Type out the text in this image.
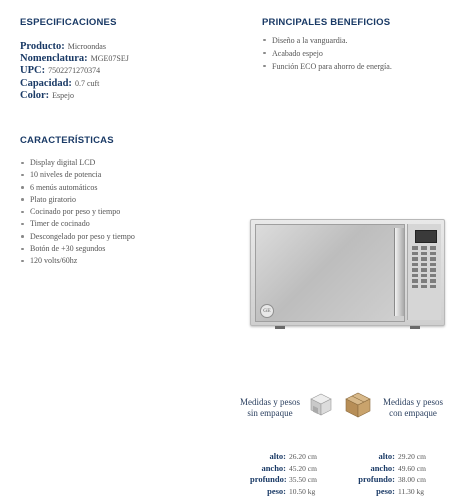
ESPECIFICACIONES
Producto: Microondas
Nomenclatura: MGE07SEJ
UPC: 7502271270374
Capacidad: 0.7 cuft
Color: Espejo
PRINCIPALES BENEFICIOS
Diseño a la vanguardia.
Acabado espejo
Función ECO para ahorro de energía.
CARACTERÍSTICAS
Display digital LCD
10 niveles de potencia
6 menús automáticos
Plato giratorio
Cocinado por peso y tiempo
Timer de cocinado
Descongelado por peso y tiempo
Botón de +30 segundos
120 volts/60hz
GE
Medidas y pesos
sin empaque
Medidas y pesos
con empaque
alto: 26.20 cm
ancho: 45.20 cm
profundo: 35.50 cm
peso: 10.50 kg
alto: 29.20 cm
ancho: 49.60 cm
profundo: 38.00 cm
peso: 11.30 kg
